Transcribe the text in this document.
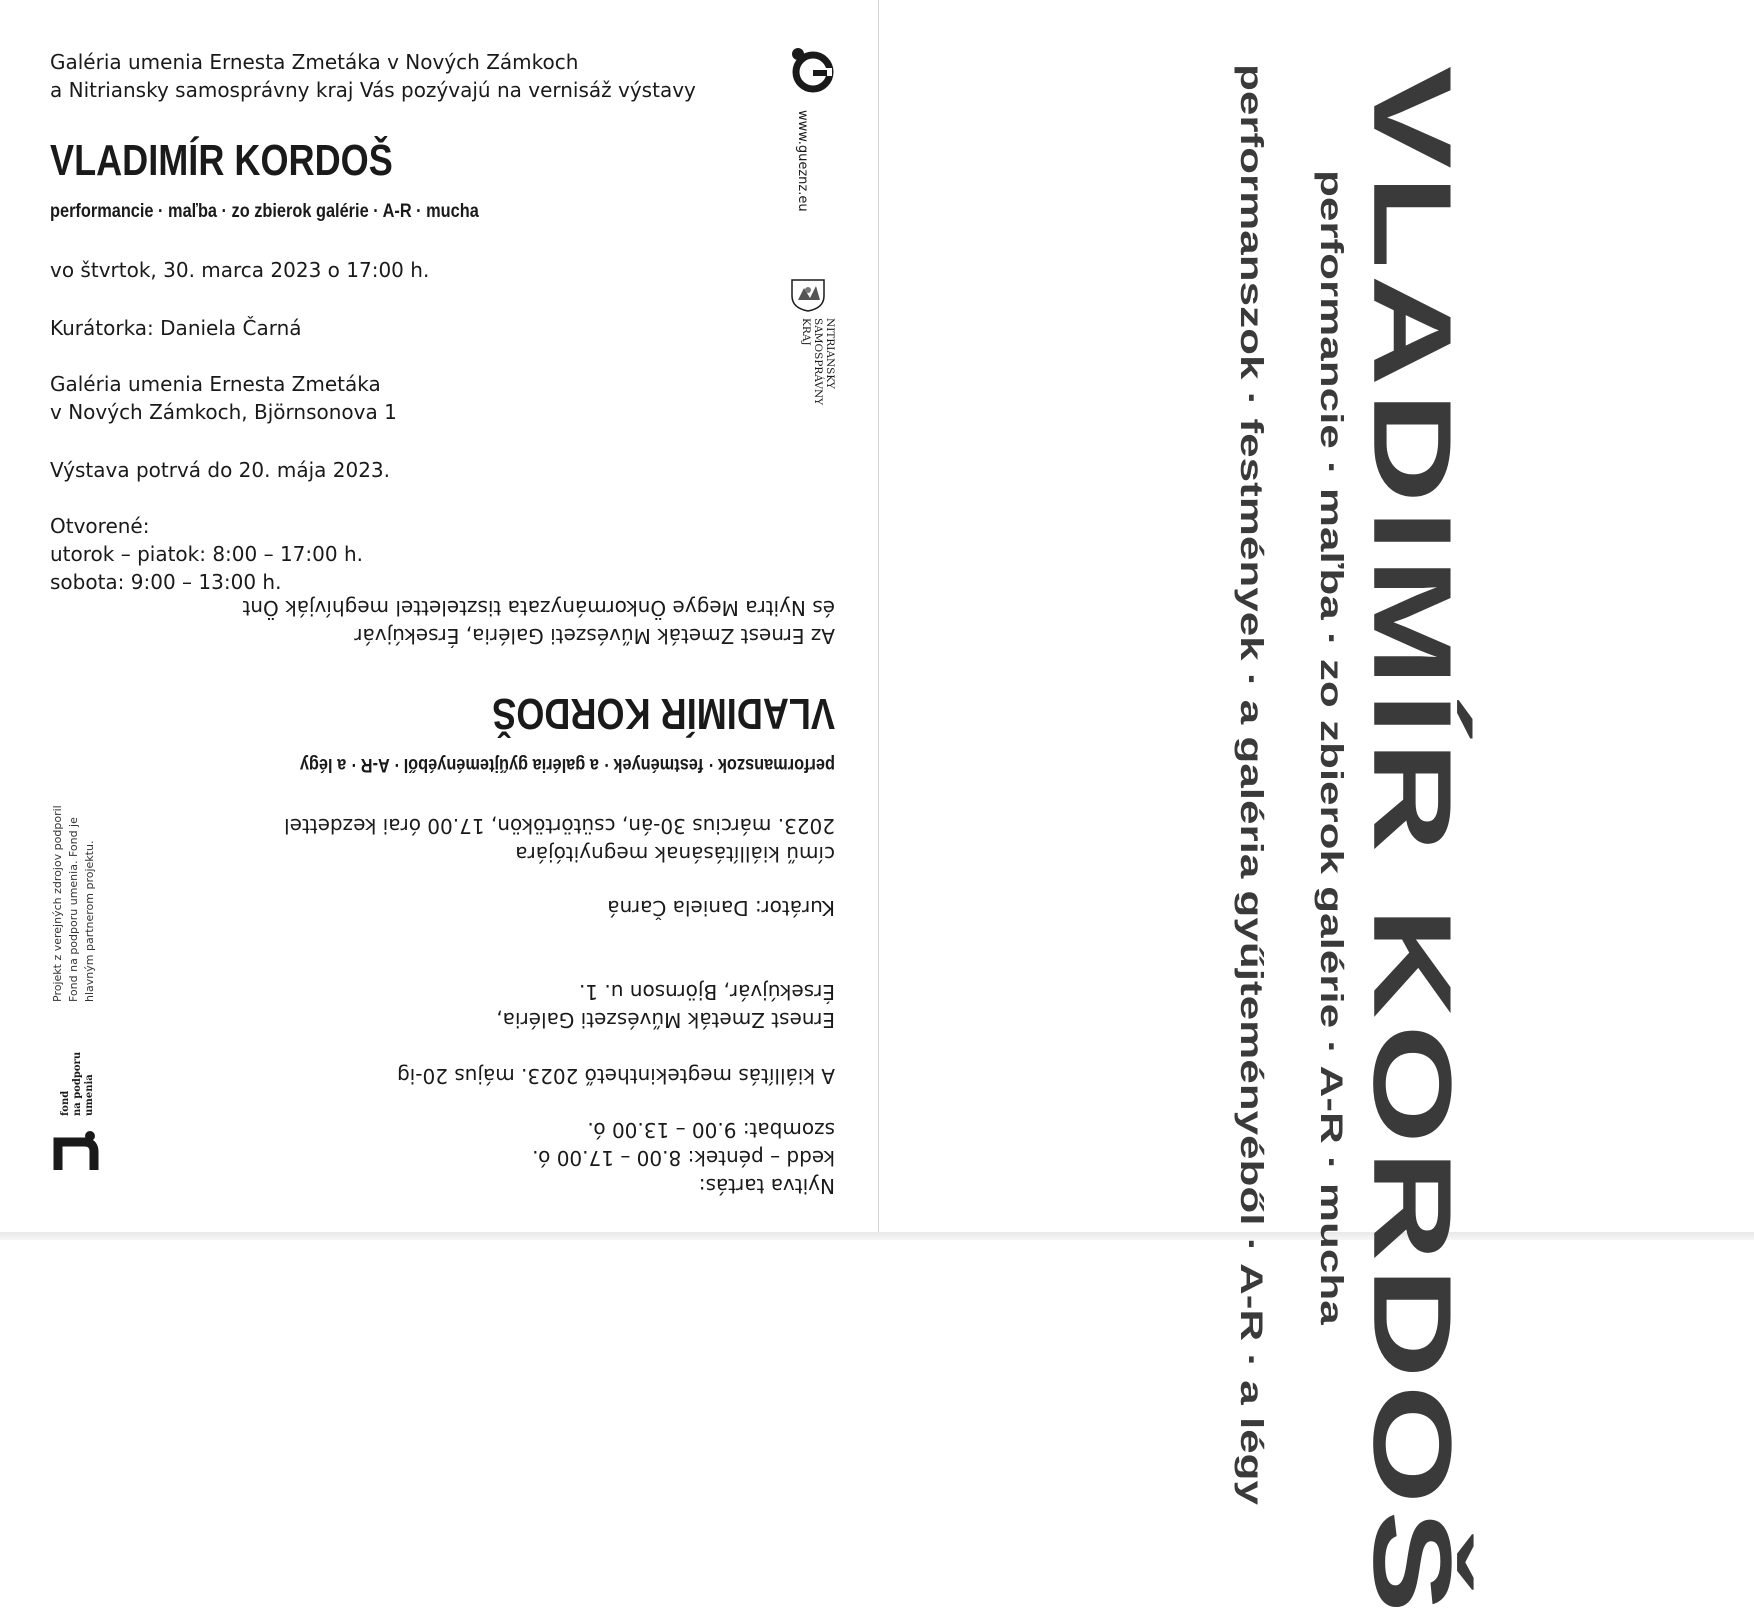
Galéria umenia Ernesta Zmetáka v Nových Zámkoch

a Nitriansky samosprávny kraj Vás pozývajú na vernisáž výstavy

VLADIMÍR KORDOŠ
performancie · maľba · zo zbierok galérie · A-R · mucha

vo štvrtok, 30. marca 2023 o 17:00 h.

Kurátorka: Daniela Čarná

Galéria umenia Ernesta Zmetáka

v Nových Zámkoch, Björnsonova 1

Výstava potrvá do 20. mája 2023.

Otvorené:

utorok – piatok: 8:00 – 17:00 h.

sobota: 9:00 – 13:00 h.

Nyitva tartás:

kedd – péntek: 8.00 – 17.00 ó.

szombat: 9.00 – 13.00 ó.

A kiállítás megtekinthető 2023. május 20-ig

Ernest Zmeták Művészeti Galéria,

Érsekújvár, Björnson u. 1.

Kurátor: Daniela Čarná

című kiállításának megnyitójára

2023. március 30-án, csütörtökön, 17.00 órai kezdettel

performanszok · festmények · a galéria gyűjteményéből · A-R · a légy
VLADIMÍR KORDOŠ

Az Ernest Zmeták Művészeti Galéria, Érsekújvár

és Nyitra Megye Önkormányzata tisztelettel meghívják Önt

www.gueznz.eu
NITRIANSKY
SAMOSPRÁVNY
KRAJ
Projekt z verejných zdrojov podporil Fond na podporu umenia. Fond je hlavným partnerom projektu.
fond na podporu umenia	VLADIMÍR KORDOŠ
performancie · maľba · zo zbierok galérie · A-R · mucha
performanszok · festmények · a galéria gyűjteményéből · A-R · a légy
